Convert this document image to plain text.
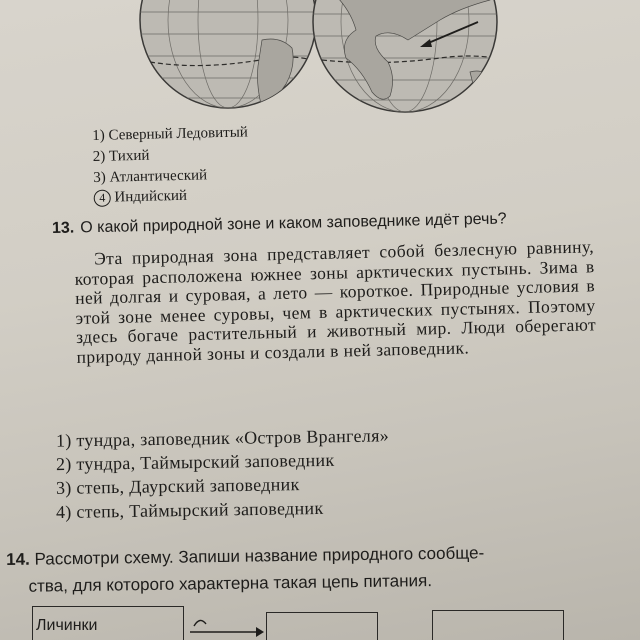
1) Северный Ледовитый
2) Тихий
3) Атлантический
4 Индийский
13. О какой природной зоне и каком заповеднике идёт речь?
Эта природная зона представляет собой безлесную равнину, которая расположена южнее зоны арктических пустынь. Зима в ней долгая и суровая, а лето — короткое. Природные условия в этой зоне менее суровы, чем в арктических пустынях. Поэтому здесь богаче растительный и животный мир. Люди оберегают природу данной зоны и создали в ней заповедник.
1) тундра, заповедник «Остров Врангеля»
2) тундра, Таймырский заповедник
3) степь, Даурский заповедник
4) степь, Таймырский заповедник
14. Рассмотри схему. Запиши название природного сообще-
ства, для которого характерна такая цепь питания.
Личинки
